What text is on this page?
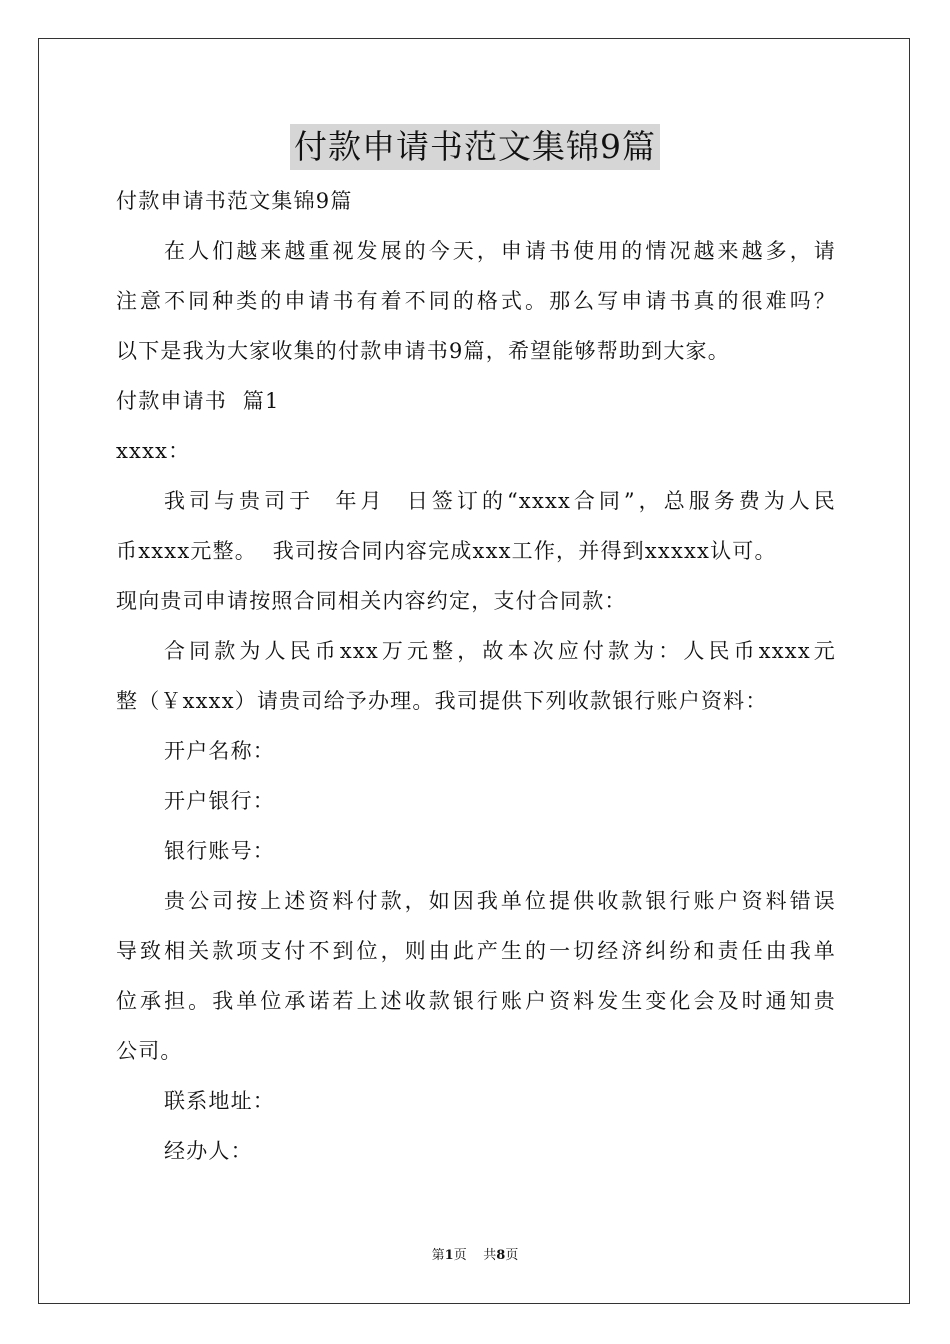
付款申请书范文集锦9篇
付款申请书范文集锦9篇
在人们越来越重视发展的今天，申请书使用的情况越来越多，请
注意不同种类的申请书有着不同的格式。那么写申请书真的很难吗？
以下是我为大家收集的付款申请书9篇，希望能够帮助到大家。
付款申请书  篇1
xxxx：
我司与贵司于  年月  日签订的“xxxx合同”，总服务费为人民
币xxxx元整。  我司按合同内容完成xxx工作，并得到xxxxx认可。
现向贵司申请按照合同相关内容约定，支付合同款：
合同款为人民币xxx万元整，故本次应付款为：人民币xxxx元
整（￥xxxx）请贵司给予办理。我司提供下列收款银行账户资料：
开户名称：
开户银行：
银行账号：
贵公司按上述资料付款，如因我单位提供收款银行账户资料错误
导致相关款项支付不到位，则由此产生的一切经济纠纷和责任由我单
位承担。我单位承诺若上述收款银行账户资料发生变化会及时通知贵
公司。
联系地址：
经办人：
第1页 共8页
